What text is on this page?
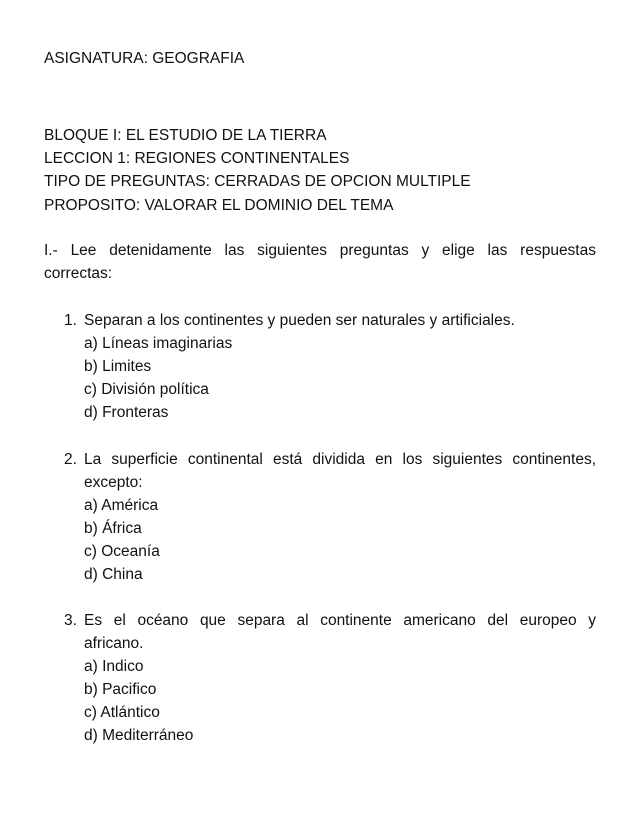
ASIGNATURA: GEOGRAFIA
BLOQUE I: EL ESTUDIO DE LA TIERRA
LECCION 1: REGIONES CONTINENTALES
TIPO DE PREGUNTAS: CERRADAS DE OPCION MULTIPLE
PROPOSITO: VALORAR EL DOMINIO DEL TEMA
I.- Lee detenidamente las siguientes preguntas y elige las respuestas
correctas:
1. Separan a los continentes y pueden ser naturales y artificiales.
a) Líneas imaginarias
b) Limites
c) División política
d) Fronteras
2. La superficie continental está dividida en los siguientes continentes,
excepto:
a) América
b) África
c) Oceanía
d) China
3. Es el océano que separa al continente americano del europeo y
africano.
a) Indico
b) Pacifico
c) Atlántico
d) Mediterráneo
